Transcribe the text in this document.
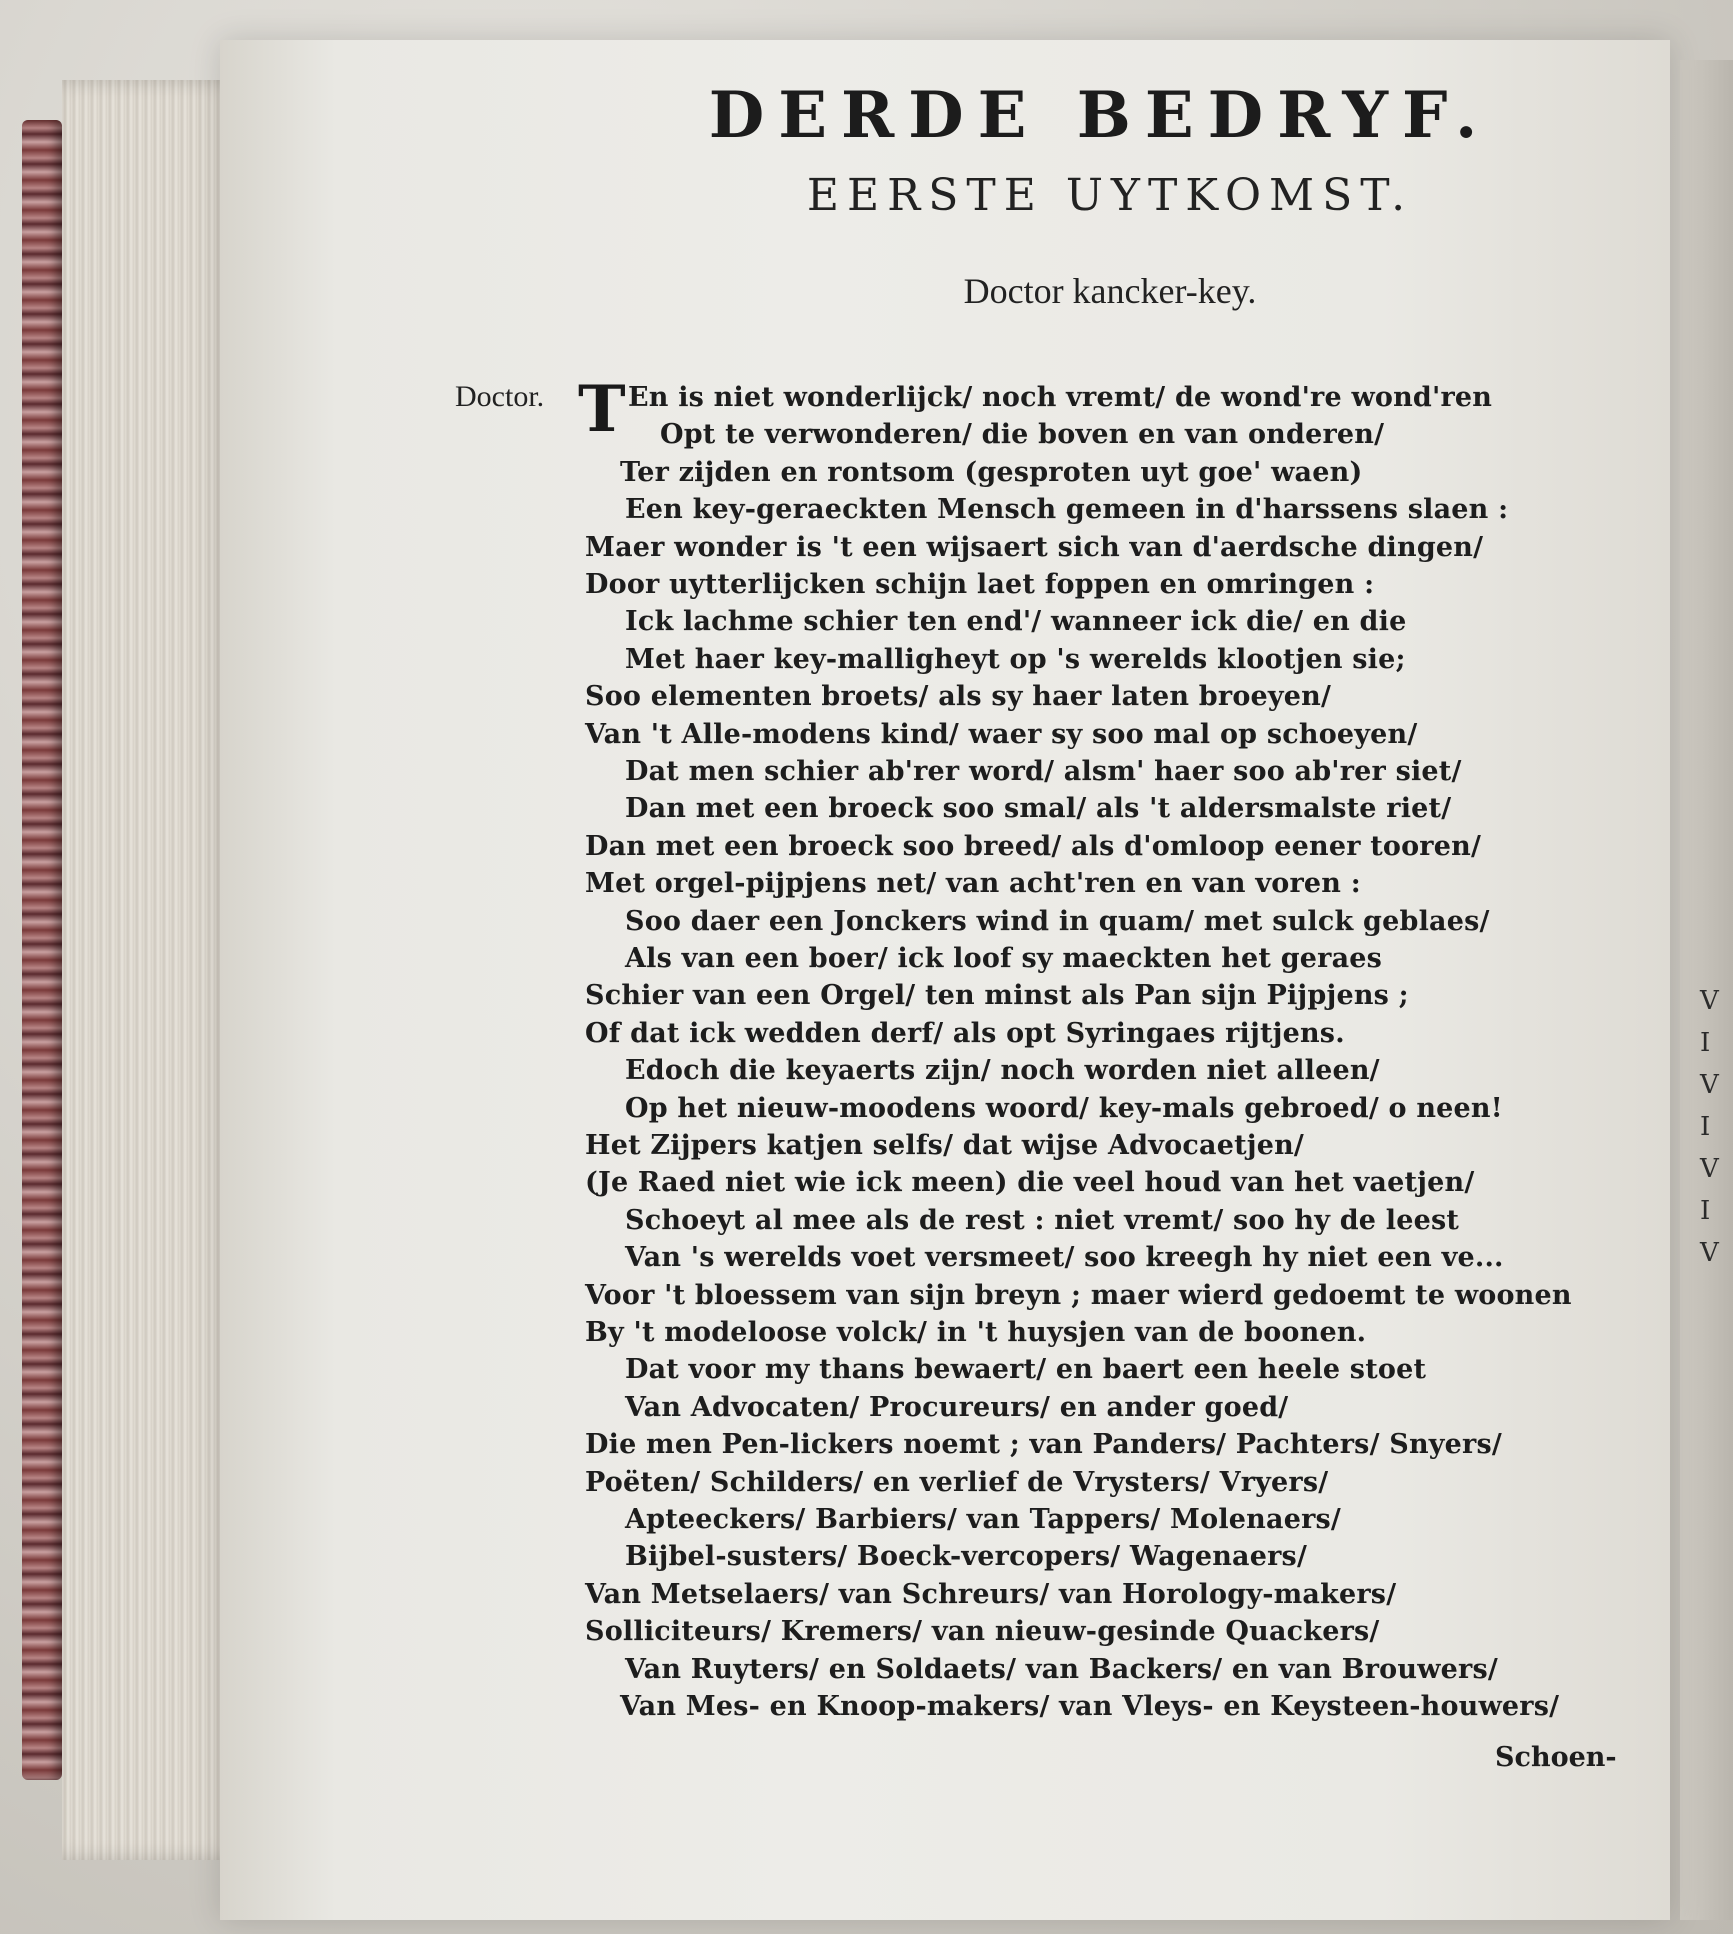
V
I
V
I
V
I
V
DERDE BEDRYF.
EERSTE UYTKOMST.
Doctor kancker-key.
Doctor. T En is niet wonderlijck/ noch vremt/ de wond're wond'ren
Opt te verwonderen/ die boven en van onderen/
Ter zijden en rontsom (gesproten uyt goe' waen)
Een key-geraeckten Mensch gemeen in d'harssens slaen :
Maer wonder is 't een wijsaert sich van d'aerdsche dingen/
Door uytterlijcken schijn laet foppen en omringen :
Ick lachme schier ten end'/ wanneer ick die/ en die
Met haer key-malligheyt op 's werelds klootjen sie;
Soo elementen broets/ als sy haer laten broeyen/
Van 't Alle-modens kind/ waer sy soo mal op schoeyen/
Dat men schier ab'rer word/ alsm' haer soo ab'rer siet/
Dan met een broeck soo smal/ als 't aldersmalste riet/
Dan met een broeck soo breed/ als d'omloop eener tooren/
Met orgel-pijpjens net/ van acht'ren en van voren :
Soo daer een Jonckers wind in quam/ met sulck geblaes/
Als van een boer/ ick loof sy maeckten het geraes
Schier van een Orgel/ ten minst als Pan sijn Pijpjens ;
Of dat ick wedden derf/ als opt Syringaes rijtjens.
Edoch die keyaerts zijn/ noch worden niet alleen/
Op het nieuw-moodens woord/ key-mals gebroed/ o neen!
Het Zijpers katjen selfs/ dat wijse Advocaetjen/
(Je Raed niet wie ick meen) die veel houd van het vaetjen/
Schoeyt al mee als de rest : niet vremt/ soo hy de leest
Van 's werelds voet versmeet/ soo kreegh hy niet een ve...
Voor 't bloessem van sijn breyn ; maer wierd gedoemt te woonen
By 't modeloose volck/ in 't huysjen van de boonen.
Dat voor my thans bewaert/ en baert een heele stoet
Van Advocaten/ Procureurs/ en ander goed/
Die men Pen-lickers noemt ; van Panders/ Pachters/ Snyers/
Poëten/ Schilders/ en verlief de Vrysters/ Vryers/
Apteeckers/ Barbiers/ van Tappers/ Molenaers/
Bijbel-susters/ Boeck-vercopers/ Wagenaers/
Van Metselaers/ van Schreurs/ van Horology-makers/
Solliciteurs/ Kremers/ van nieuw-gesinde Quackers/
Van Ruyters/ en Soldaets/ van Backers/ en van Brouwers/
Van Mes- en Knoop-makers/ van Vleys- en Keysteen-houwers/
Schoen-
